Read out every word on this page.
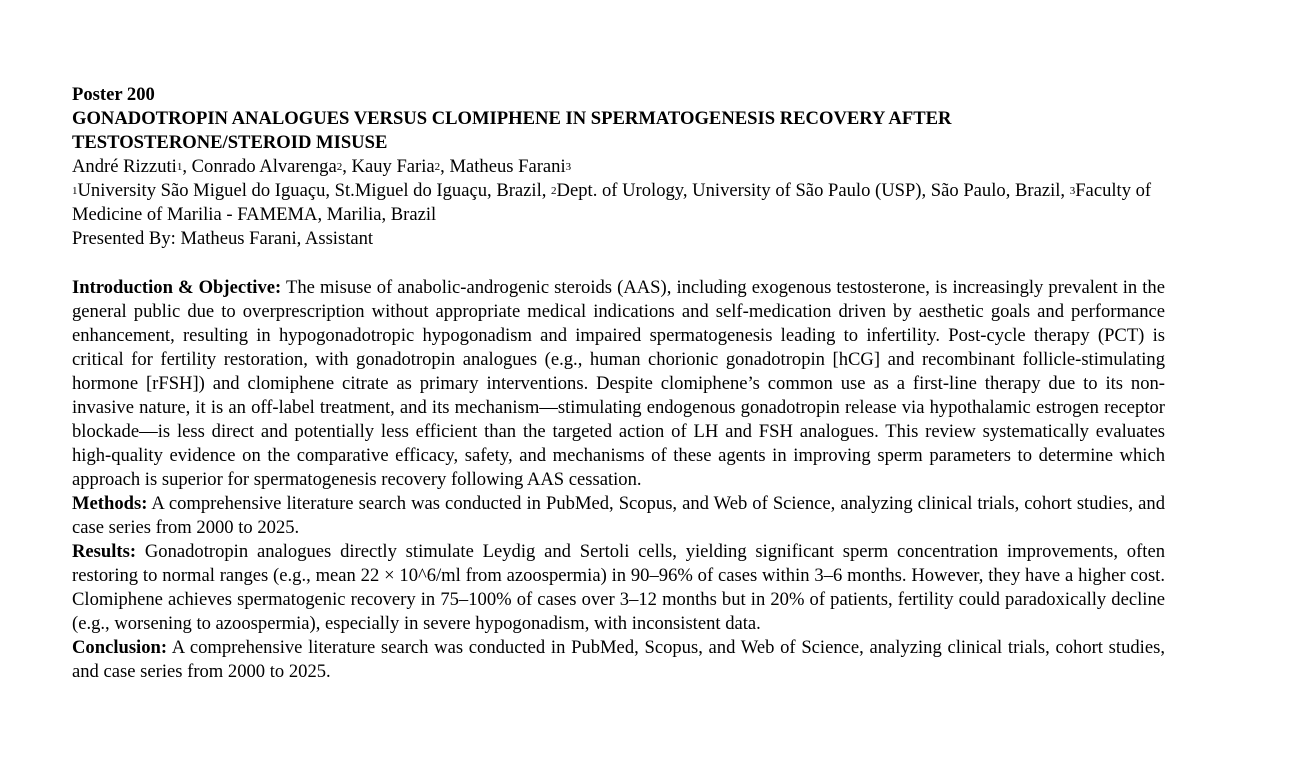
Poster 200
GONADOTROPIN ANALOGUES VERSUS CLOMIPHENE IN SPERMATOGENESIS RECOVERY AFTER TESTOSTERONE/STEROID MISUSE
André Rizzuti$^1$, Conrado Alvarenga$^2$, Kauy Faria$^2$, Matheus Farani$^3$
$^1$University São Miguel do Iguaçu, St.Miguel do Iguaçu, Brazil, $^2$Dept. of Urology, University of São Paulo (USP), São Paulo, Brazil, $^3$Faculty of Medicine of Marilia - FAMEMA, Marilia, Brazil
Presented By: Matheus Farani, Assistant

Introduction & Objective: The misuse of anabolic-androgenic steroids (AAS), including exogenous testosterone, is increasingly prevalent in the general public due to overprescription without appropriate medical indications and self-medication driven by aesthetic goals and performance enhancement, resulting in hypogonadotropic hypogonadism and impaired spermatogenesis leading to infertility. Post-cycle therapy (PCT) is critical for fertility restoration, with gonadotropin analogues (e.g., human chorionic gonadotropin [hCG] and recombinant follicle-stimulating hormone [rFSH]) and clomiphene citrate as primary interventions. Despite clomiphene’s common use as a first-line therapy due to its non-invasive nature, it is an off-label treatment, and its mechanism—stimulating endogenous gonadotropin release via hypothalamic estrogen receptor blockade—is less direct and potentially less efficient than the targeted action of LH and FSH analogues. This review systematically evaluates high-quality evidence on the comparative efficacy, safety, and mechanisms of these agents in improving sperm parameters to determine which approach is superior for spermatogenesis recovery following AAS cessation.

Methods: A comprehensive literature search was conducted in PubMed, Scopus, and Web of Science, analyzing clinical trials, cohort studies, and case series from 2000 to 2025.

Results: Gonadotropin analogues directly stimulate Leydig and Sertoli cells, yielding significant sperm concentration improvements, often restoring to normal ranges (e.g., mean 22 × 10^6/ml from azoospermia) in 90–96% of cases within 3–6 months. However, they have a higher cost. Clomiphene achieves spermatogenic recovery in 75–100% of cases over 3–12 months but in 20% of patients, fertility could paradoxically decline (e.g., worsening to azoospermia), especially in severe hypogonadism, with inconsistent data.

Conclusion: A comprehensive literature search was conducted in PubMed, Scopus, and Web of Science, analyzing clinical trials, cohort studies, and case series from 2000 to 2025.
